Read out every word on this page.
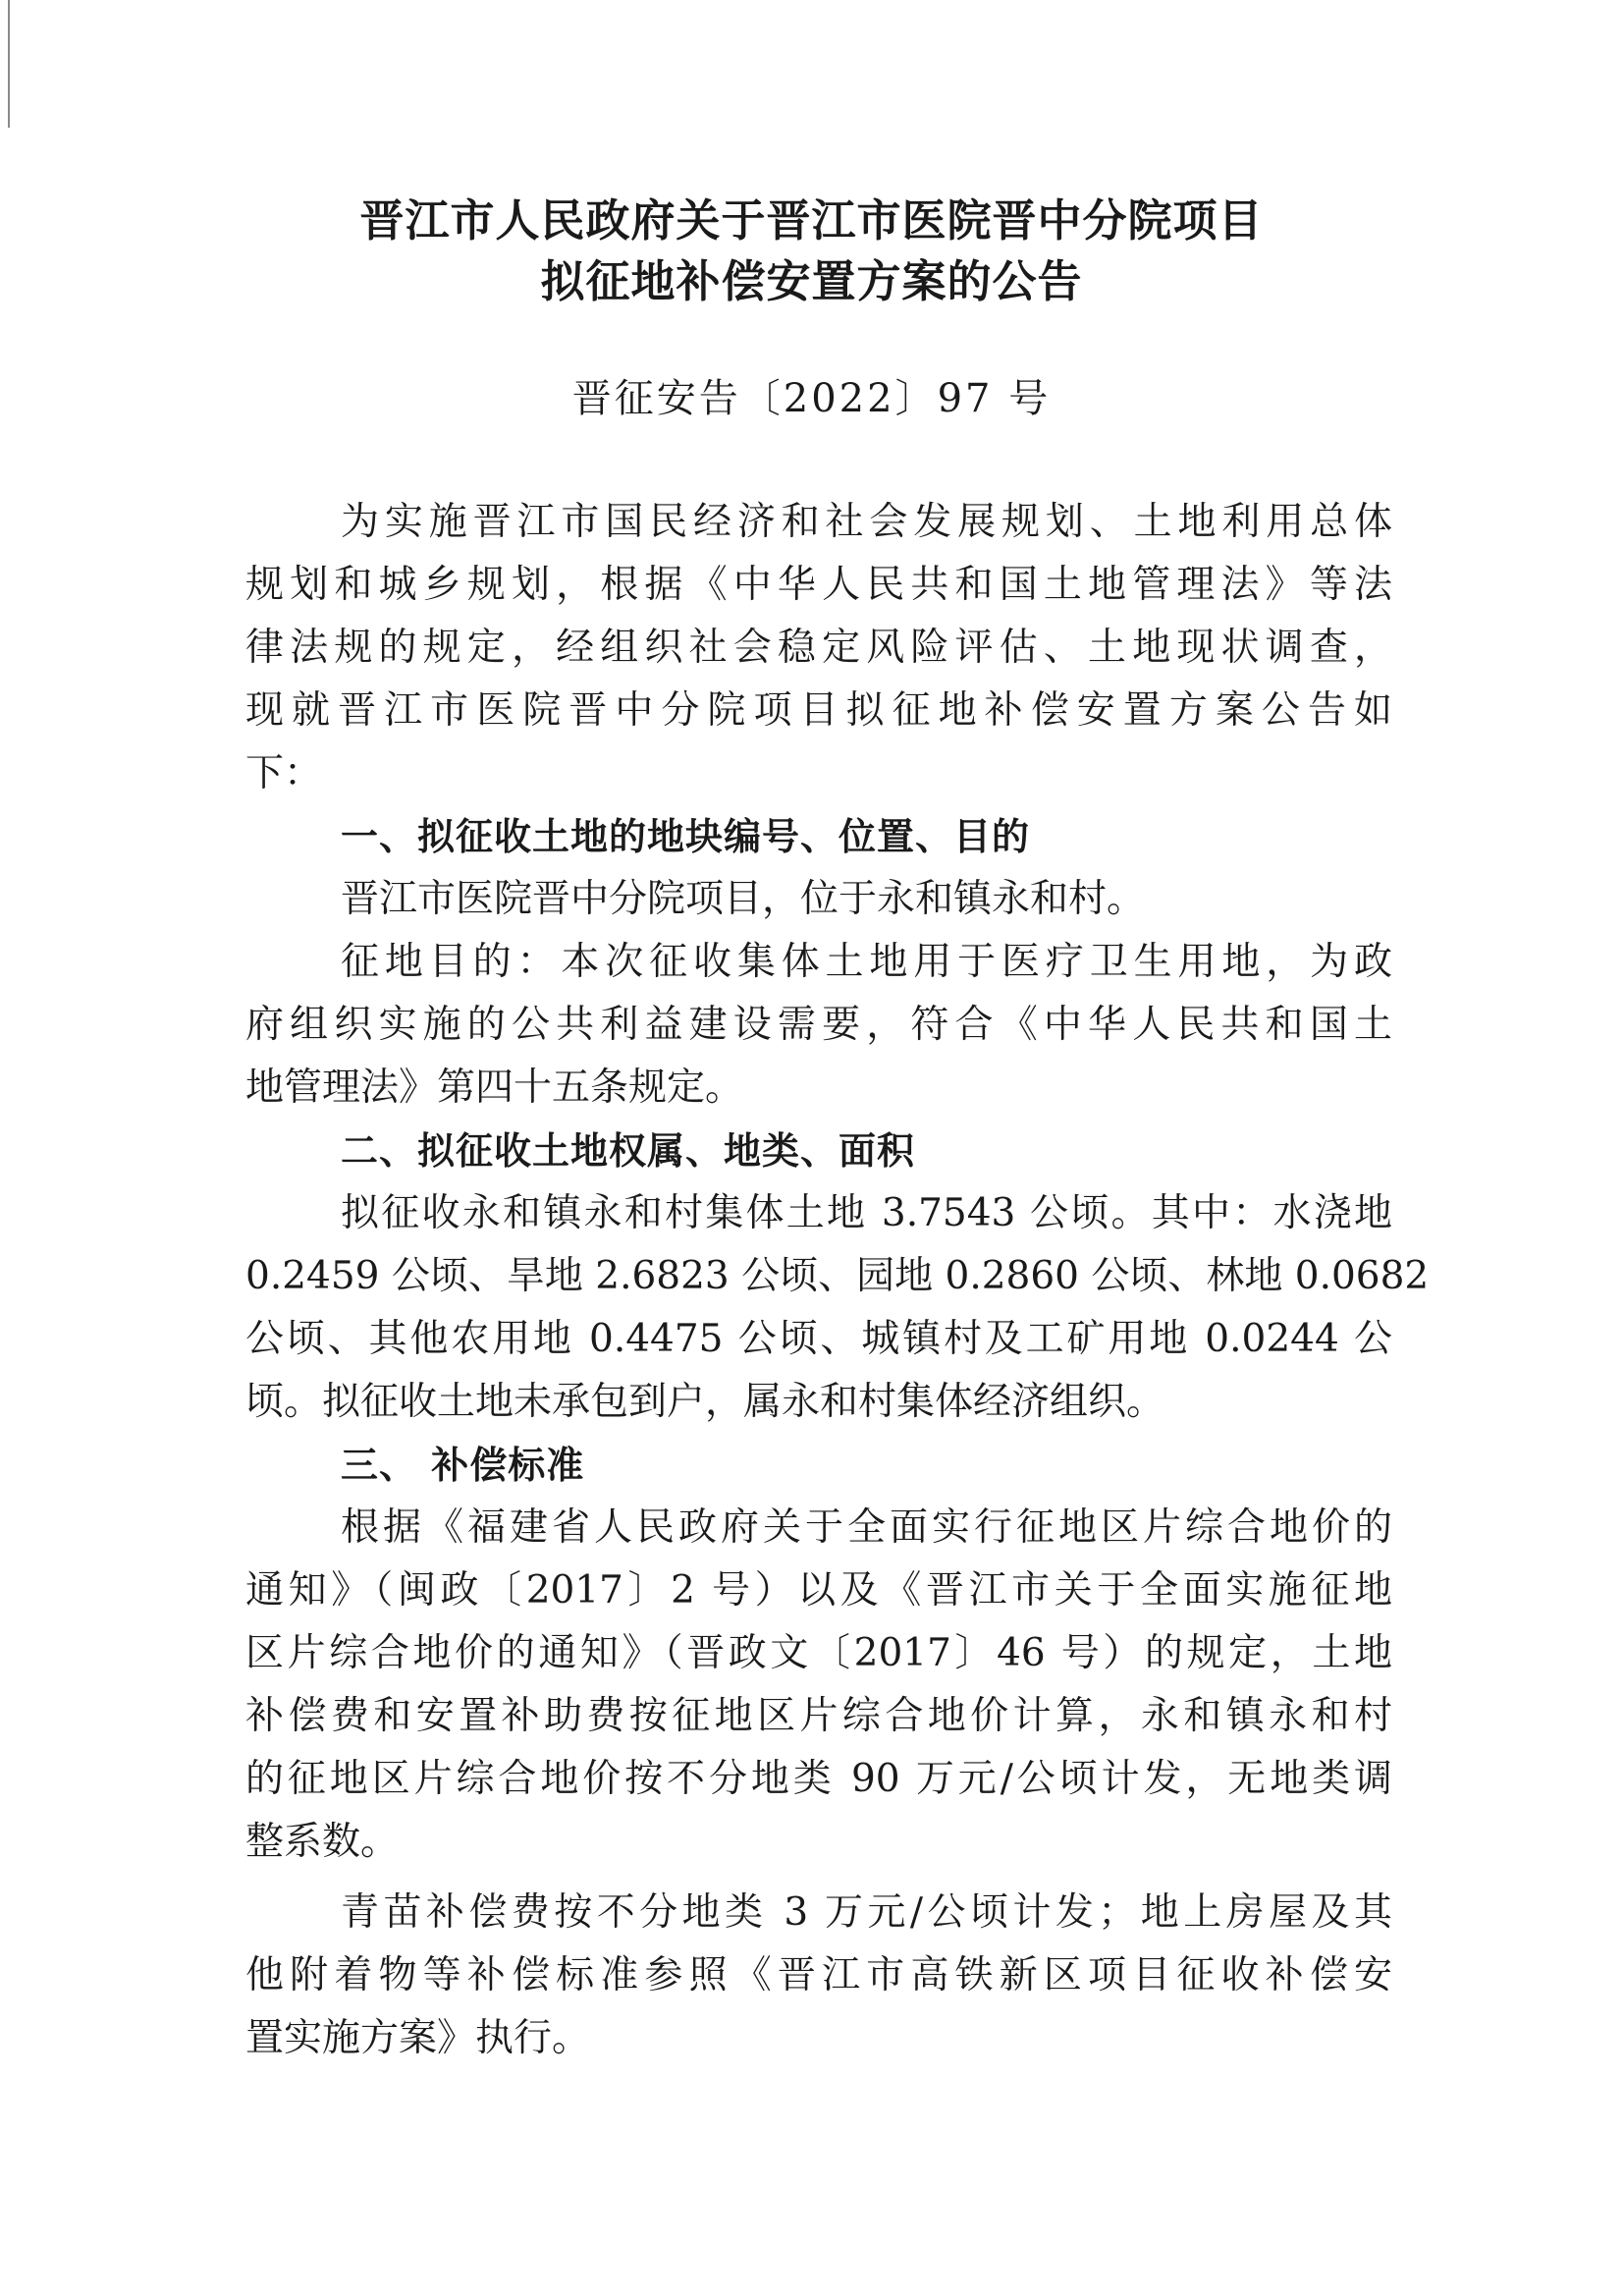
晋江市人民政府关于晋江市医院晋中分院项目
拟征地补偿安置方案的公告
晋征安告〔2022〕97 号
为实施晋江市国民经济和社会发展规划、土地利用总体
规划和城乡规划，根据《中华人民共和国土地管理法》等法
律法规的规定，经组织社会稳定风险评估、土地现状调查，
现就晋江市医院晋中分院项目拟征地补偿安置方案公告如
下：
一、拟征收土地的地块编号、位置、目的
晋江市医院晋中分院项目，位于永和镇永和村。
征地目的：本次征收集体土地用于医疗卫生用地，为政
府组织实施的公共利益建设需要，符合《中华人民共和国土
地管理法》第四十五条规定。
二、拟征收土地权属、地类、面积
拟征收永和镇永和村集体土地 3.7543 公顷。其中：水浇地
0.2459 公顷、旱地 2.6823 公顷、园地 0.2860 公顷、林地 0.0682
公顷、其他农用地 0.4475 公顷、城镇村及工矿用地 0.0244 公
顷。拟征收土地未承包到户，属永和村集体经济组织。
三、 补偿标准
根据《福建省人民政府关于全面实行征地区片综合地价的
通知》（闽政〔2017〕2 号）以及《晋江市关于全面实施征地
区片综合地价的通知》（晋政文〔2017〕46 号）的规定，土地
补偿费和安置补助费按征地区片综合地价计算，永和镇永和村
的征地区片综合地价按不分地类 90 万元/公顷计发，无地类调
整系数。
青苗补偿费按不分地类 3 万元/公顷计发；地上房屋及其
他附着物等补偿标准参照《晋江市高铁新区项目征收补偿安
置实施方案》执行。
